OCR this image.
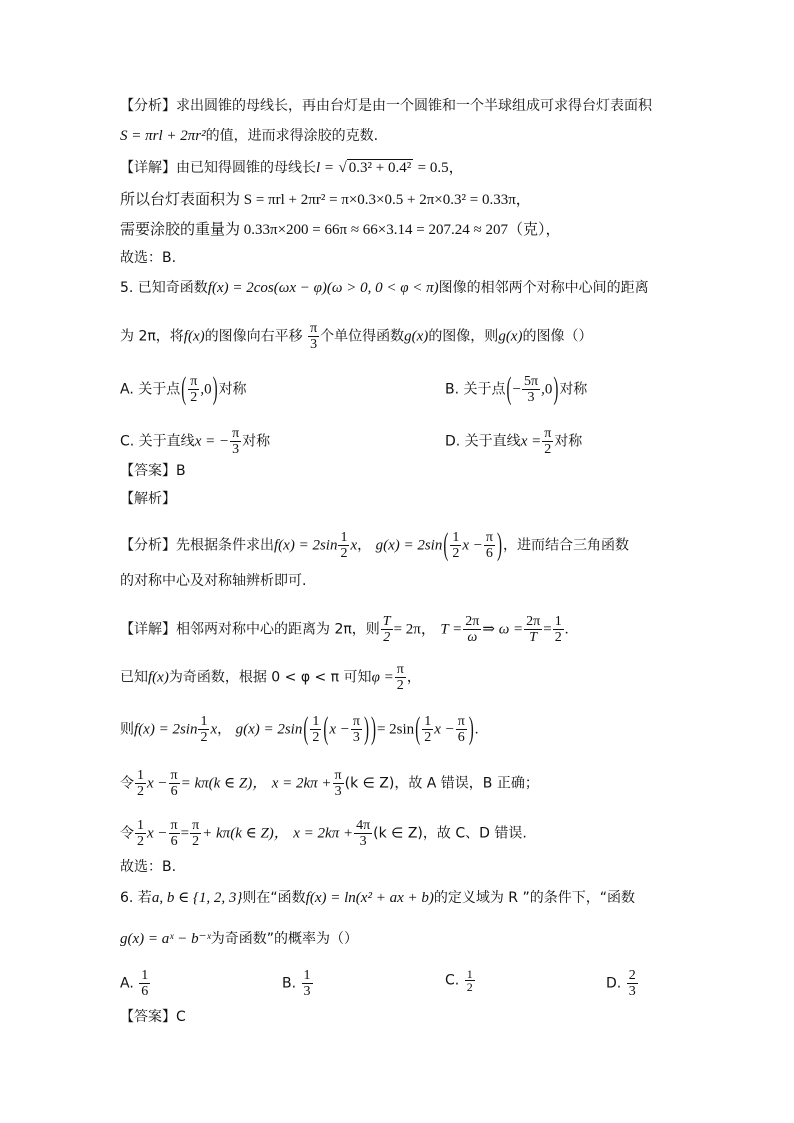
【分析】求出圆锥的母线长，再由台灯是由一个圆锥和一个半球组成可求得台灯表面积
S = πrl + 2πr²的值，进而求得涂胶的克数.
【详解】由已知得圆锥的母线长l = √ 0.3² + 0.4² = 0.5，
所以台灯表面积为 S = πrl + 2πr² = π×0.3×0.5 + 2π×0.3² = 0.33π，
需要涂胶的重量为 0.33π×200 = 66π ≈ 66×3.14 = 207.24 ≈ 207（克），
故选：B.
5. 已知奇函数f(x) = 2cos(ωx − φ)(ω > 0, 0 < φ < π)图像的相邻两个对称中心间的距离
为 2π，将f(x)的图像向右平移 $\frac{\pi}{3}$ 个单位得函数g(x)的图像，则g(x)的图像（）
A. 关于点( $\frac{\pi}{2} ,0$)对称	B. 关于点(− $\frac{5\pi}{3} ,0$)对称
C. 关于直线x = − $\frac{\pi}{3}$ 对称	D. 关于直线$x = \frac{\pi}{2}$ 对称
【答案】B
【解析】
【分析】先根据条件求出$f(x) = 2\sin \frac{1}{2}$ x， $g(x) = 2\sin( \frac{1}{2}$ $x - \frac{\pi}{6}$ )，进而结合三角函数
的对称中心及对称轴辨析即可.
【详解】相邻两对称中心的距离为 2π，则 $\frac{T}{2} = 2\pi$， $T = \frac{2\pi}{\omega}$ ⇒ $\omega = \frac{2\pi}{T} = \frac{1}{2}$ .
已知f(x)为奇函数，根据 0 < φ < π 可知$\varphi = \frac{\pi}{2}$ ，
则$f(x) = 2\sin \frac{1}{2}$ x， $g(x) = 2\sin( \frac{1}{2} (x - \frac{\pi}{3}$ ) )= $2\sin( \frac{1}{2}$ $x - \frac{\pi}{6}$ ).
令 $\frac{1}{2}$ $x - \frac{\pi}{6} = k\pi(k$ ∈ Z)， $x = 2k\pi + \frac{\pi}{3} (k$ ∈ Z)，故 A 错误，B 正确；
令 $\frac{1}{2}$ $x - \frac{\pi}{6} = \frac{\pi}{2} + k\pi(k$ ∈ Z)， $x = 2k\pi + \frac{4\pi}{3} (k$ ∈ Z)，故 C、D 错误.
故选：B.
6. 若a, b ∈ {1, 2, 3}则在“函数f(x) = ln(x² + ax + b)的定义域为 R ”的条件下，“函数
g(x) = aˣ − b⁻ˣ为奇函数”的概率为（）
A. $\frac{1}{6}$	B. $\frac{1}{3}$	C. $\frac{1}{2}$	D. $\frac{2}{3}$
【答案】C
